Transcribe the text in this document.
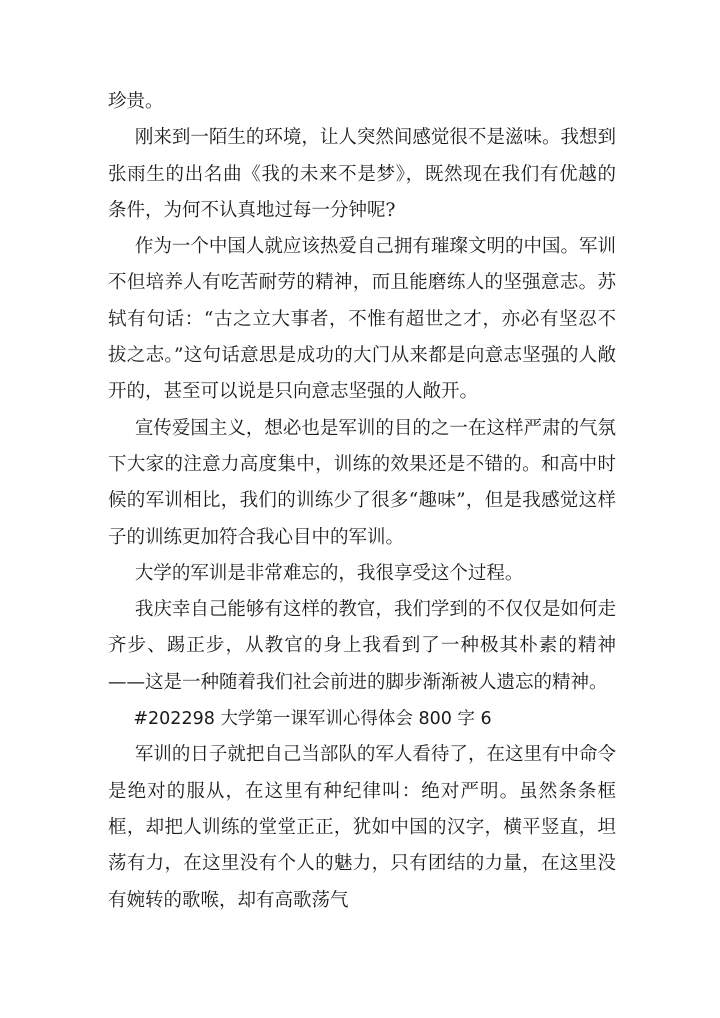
珍贵。

刚来到一陌生的环境，让人突然间感觉很不是滋味。我想到张雨生的出名曲《我的未来不是梦》，既然现在我们有优越的条件，为何不认真地过每一分钟呢?

作为一个中国人就应该热爱自己拥有璀璨文明的中国。军训不但培养人有吃苦耐劳的精神，而且能磨练人的坚强意志。苏轼有句话：“古之立大事者，不惟有超世之才，亦必有坚忍不拔之志。”这句话意思是成功的大门从来都是向意志坚强的人敞开的，甚至可以说是只向意志坚强的人敞开。

宣传爱国主义，想必也是军训的目的之一在这样严肃的气氛下大家的注意力高度集中，训练的效果还是不错的。和高中时候的军训相比，我们的训练少了很多“趣味”，但是我感觉这样子的训练更加符合我心目中的军训。

大学的军训是非常难忘的，我很享受这个过程。

我庆幸自己能够有这样的教官，我们学到的不仅仅是如何走齐步、踢正步，从教官的身上我看到了一种极其朴素的精神——这是一种随着我们社会前进的脚步渐渐被人遗忘的精神。

#202298 大学第一课军训心得体会 800 字 6

军训的日子就把自己当部队的军人看待了，在这里有中命令是绝对的服从，在这里有种纪律叫：绝对严明。虽然条条框框，却把人训练的堂堂正正，犹如中国的汉字，横平竖直，坦荡有力，在这里没有个人的魅力，只有团结的力量，在这里没有婉转的歌喉，却有高歌荡气
